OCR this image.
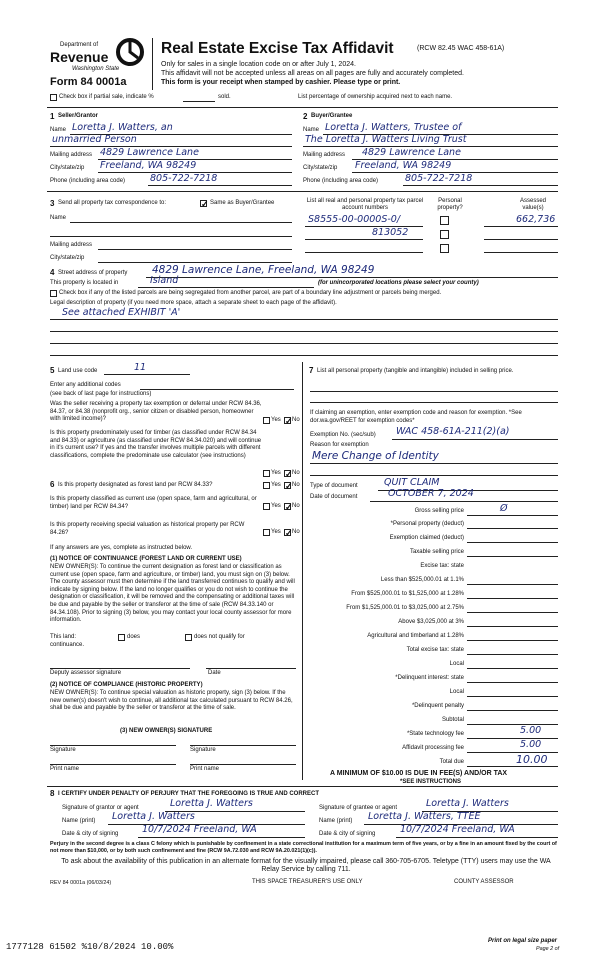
Department of
Revenue
Washington State
Form 84 0001a
Real Estate Excise Tax Affidavit	(RCW 82.45 WAC 458-61A)
Only for sales in a single location code on or after July 1, 2024.
This affidavit will not be accepted unless all areas on all pages are fully and accurately completed.
This form is your receipt when stamped by cashier. Please type or print.
Check box if partial sale, indicate %	sold.	List percentage of ownership acquired next to each name.
1 Seller/Grantor
Name Loretta J. Watters, an
unmarried Person
Mailing address 4829 Lawrence Lane
City/state/zip Freeland, WA 98249
Phone (including area code)	805-722-7218
2 Buyer/Grantee
Name Loretta J. Watters, Trustee of
The Loretta J. Watters Living Trust
Mailing address 4829 Lawrence Lane
City/state/zip Freeland, WA 98249
Phone (including area code)	805-722-7218
3 Send all property tax correspondence to:	✓ Same as Buyer/Grantee
Name
Mailing address
City/state/zip
List all real and personal property tax parcel account numbers
Personal property?
Assessed value(s)
S8555-00-0000S-0/	662,736
813052
4 Street address of property 4829 Lawrence Lane, Freeland, WA 98249
This property is located in	Island	(for unincorporated locations please select your county)
Check box if any of the listed parcels are being segregated from another parcel, are part of a boundary line adjustment or parcels being merged.
Legal description of property (if you need more space, attach a separate sheet to each page of the affidavit).
See attached EXHIBIT 'A'
5 Land use code	11
Enter any additional codes
(see back of last page for instructions)
Was the seller receiving a property tax exemption or deferral under RCW 84.36, 84.37, or 84.38 (nonprofit org., senior citizen or disabled person, homeowner with limited income)?	Yes ✓ No
Is this property predominately used for timber (as classified under RCW 84.34 and 84.33) or agriculture (as classified under RCW 84.34.020) and will continue in it's current use? If yes and the transfer involves multiple parcels with different classifications, complete the predominate use calculator (see instructions)
Yes ✓ No
6 Is this property designated as forest land per RCW 84.33?	Yes ✓ No
Is this property classified as current use (open space, farm and agricultural, or timber) land per RCW 84.34?	Yes ✓ No
Is this property receiving special valuation as historical property per RCW 84.26?	Yes ✓ No
If any answers are yes, complete as instructed below.
(1) NOTICE OF CONTINUANCE (FOREST LAND OR CURRENT USE)
NEW OWNER(S): To continue the current designation as forest land or classification as current use (open space, farm and agriculture, or timber) land, you must sign on (3) below. The county assessor must then determine if the land transferred continues to qualify and will indicate by signing below. If the land no longer qualifies or you do not wish to continue the designation or classification, it will be removed and the compensating or additional taxes will be due and payable by the seller or transferor at the time of sale (RCW 84.33.140 or 84.34.108). Prior to signing (3) below, you may contact your local county assessor for more information.
This land:	does	does not qualify for
continuance.
Deputy assessor signature	Date
(2) NOTICE OF COMPLIANCE (HISTORIC PROPERTY)
NEW OWNER(S): To continue special valuation as historic property, sign (3) below. If the new owner(s) doesn't wish to continue, all additional tax calculated pursuant to RCW 84.26, shall be due and payable by the seller or transferor at the time of sale.
(3) NEW OWNER(S) SIGNATURE
Signature	Signature
Print name	Print name
7 List all personal property (tangible and intangible) included in selling price.
If claiming an exemption, enter exemption code and reason for exemption. *See dor.wa.gov/REET for exemption codes*
Exemption No. (sec/sub) WAC 458-61A-211(2)(a)
Reason for exemption
Mere Change of Identity
Type of document	QUIT CLAIM
Date of document	OCTOBER 7, 2024
Gross selling price	Ø
*Personal property (deduct)
Exemption claimed (deduct)
Taxable selling price
Excise tax: state
Less than $525,000.01 at 1.1%
From $525,000.01 to $1,525,000 at 1.28%
From $1,525,000.01 to $3,025,000 at 2.75%
Above $3,025,000 at 3%
Agricultural and timberland at 1.28%
Total excise tax: state
Local
*Delinquent interest: state
Local
*Delinquent penalty
Subtotal
*State technology fee	5.00
Affidavit processing fee	5.00
Total due	10.00
A MINIMUM OF $10.00 IS DUE IN FEE(S) AND/OR TAX
*SEE INSTRUCTIONS
8 I CERTIFY UNDER PENALTY OF PERJURY THAT THE FOREGOING IS TRUE AND CORRECT
Signature of grantor or agent	Loretta J. Watters
Name (print) Loretta J. Watters
Date & city of signing 10/7/2024 Freeland, WA
Signature of grantee or agent	Loretta J. Watters
Name (print) Loretta J. Watters, TTEE
Date & city of signing	10/7/2024 Freeland, WA
Perjury in the second degree is a class C felony which is punishable by confinement in a state correctional institution for a maximum term of five years, or by a fine in an amount fixed by the court of not more than $10,000, or by both such confinement and fine (RCW 9A.72.030 and RCW 9A.20.021(1)(c)).
To ask about the availability of this publication in an alternate format for the visually impaired, please call 360-705-6705. Teletype (TTY) users may use the WA Relay Service by calling 711.
REV 84 0001a (06/03/24)	THIS SPACE TREASURER'S USE ONLY	COUNTY ASSESSOR
1777128 61502 %10/8/2024 10.00%
Print on legal size paper
Page 2 of
